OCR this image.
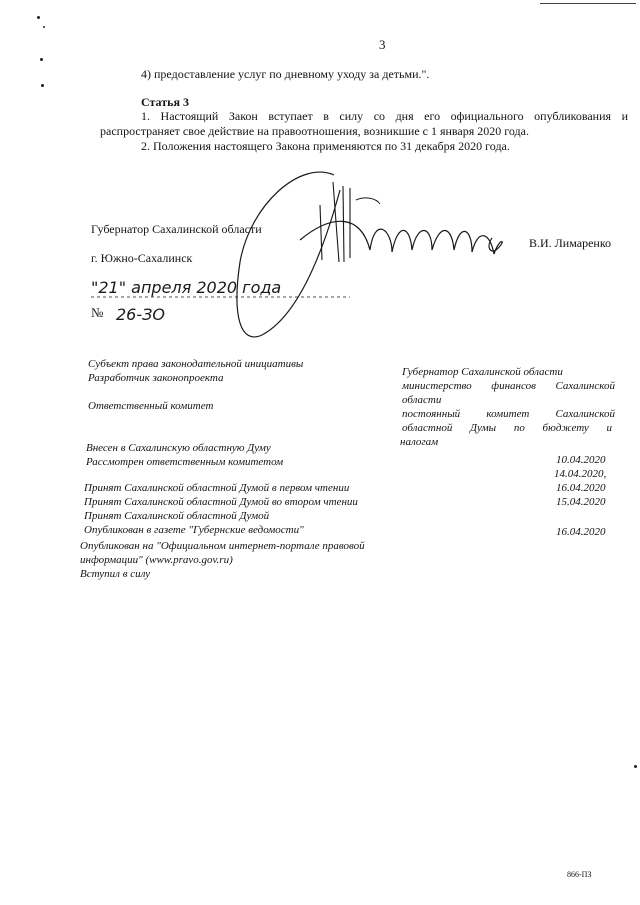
3
4) предоставление услуг по дневному уходу за детьми.".
Статья 3
1. Настоящий Закон вступает в силу со дня его официального опубликования и
распространяет свое действие на правоотношения, возникшие с 1 января 2020 года.
2. Положения настоящего Закона применяются по 31 декабря 2020 года.
Губернатор Сахалинской области
В.И. Лимаренко
г. Южно-Сахалинск
№
"21" апреля 2020 года
26-ЗО
Субъект права законодательной инициативы
Разработчик законопроекта
Ответственный комитет
Внесен в Сахалинскую областную Думу
Рассмотрен ответственным комитетом
Принят Сахалинской областной Думой в первом чтении
Принят Сахалинской областной Думой во втором чтении
Принят Сахалинской областной Думой
Опубликован в газете "Губернские ведомости"
Опубликован на "Официальном интернет-портале правовой
информации" (www.pravo.gov.ru)
Вступил в силу
Губернатор Сахалинской области
министерство финансов Сахалинской
области
постоянный комитет Сахалинской
областной Думы по бюджету и
налогам
10.04.2020
14.04.2020,
16.04.2020
15.04.2020
16.04.2020
866-ПЗ
